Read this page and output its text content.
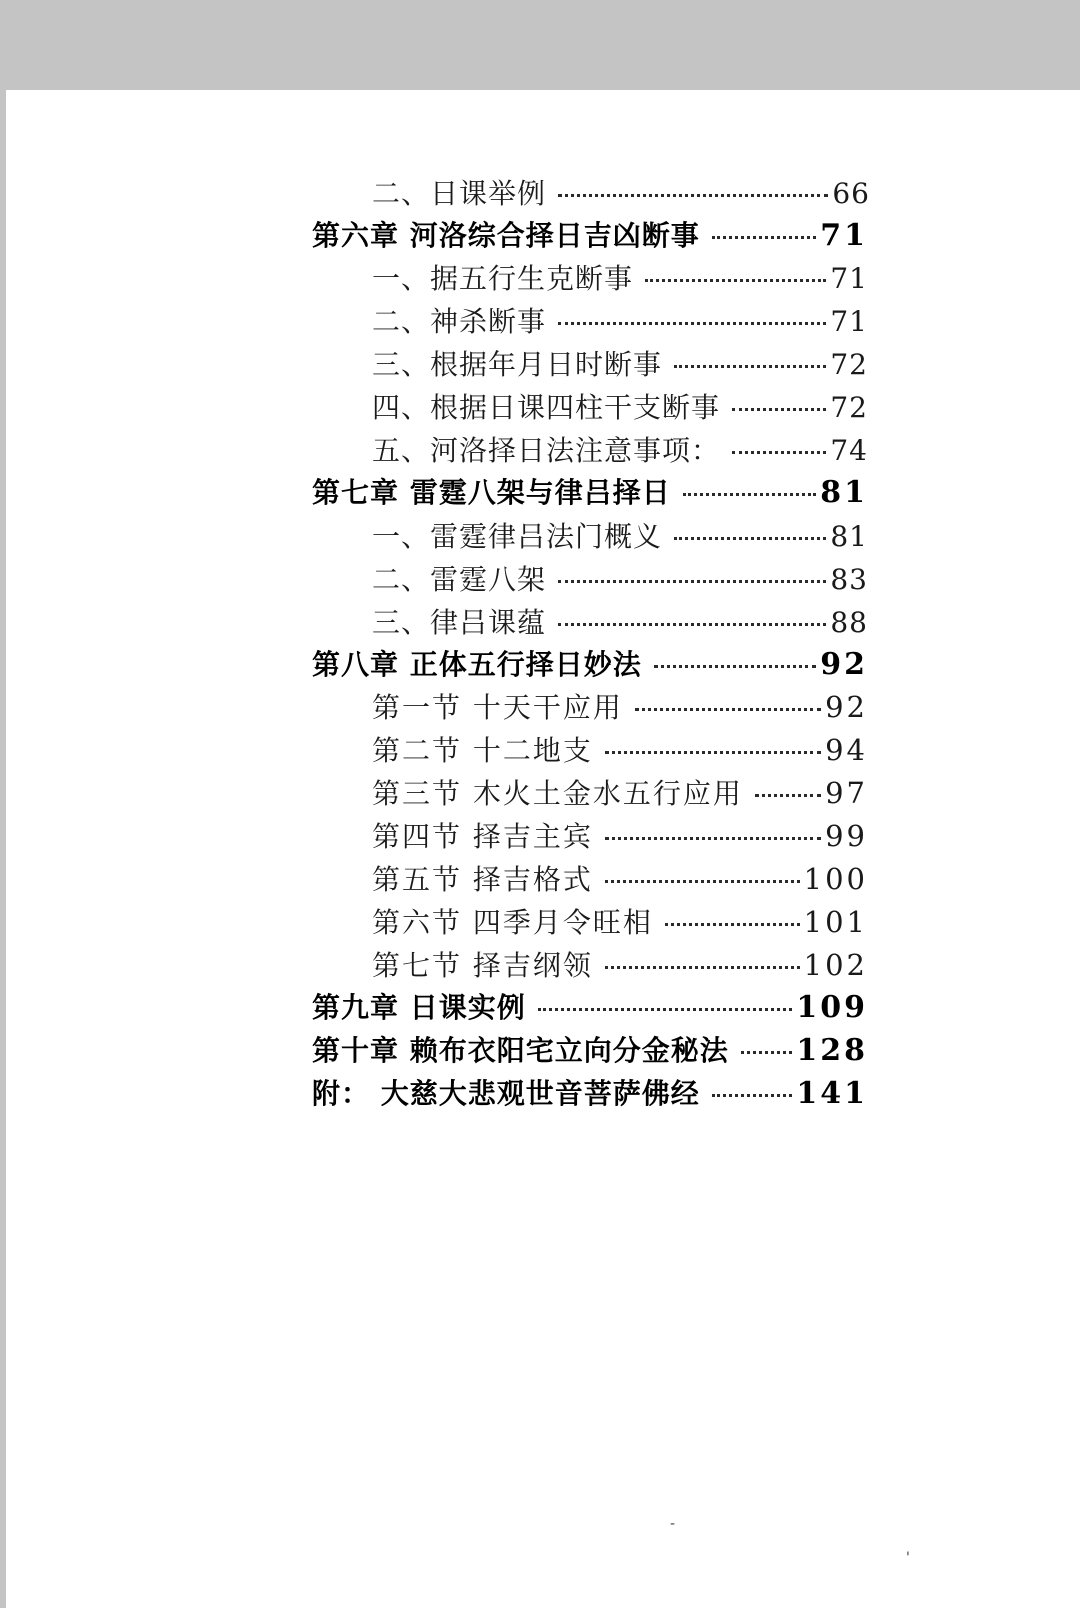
二、日课举例	66
第六章 河洛综合择日吉凶断事	71
一、据五行生克断事	71
二、神杀断事	71
三、根据年月日时断事	72
四、根据日课四柱干支断事	72
五、河洛择日法注意事项：	74
第七章 雷霆八架与律吕择日	81
一、雷霆律吕法门概义	81
二、雷霆八架	83
三、律吕课蕴	88
第八章 正体五行择日妙法	92
第一节 十天干应用	92
第二节 十二地支	94
第三节 木火土金水五行应用	97
第四节 择吉主宾	99
第五节 择吉格式	100
第六节 四季月令旺相	101
第七节 择吉纲领	102
第九章 日课实例	109
第十章 赖布衣阳宅立向分金秘法 128
附： 大慈大悲观世音菩萨佛经	141
-
'
